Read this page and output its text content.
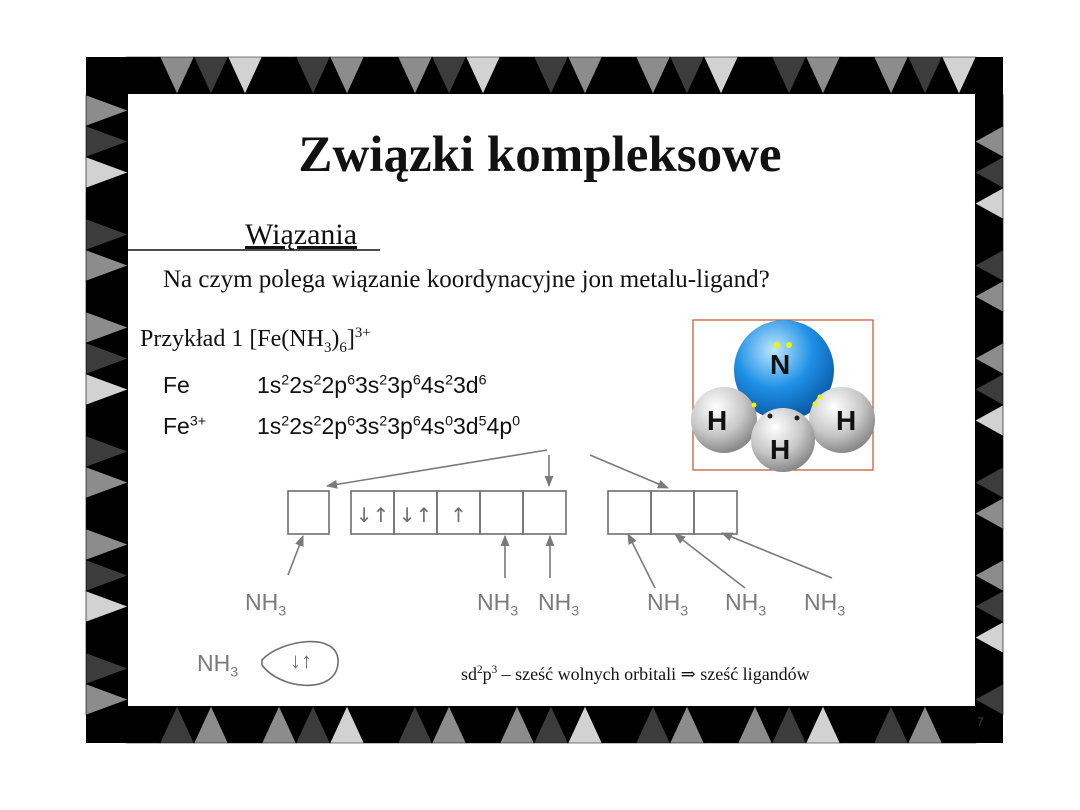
Związki kompleksowe
Wiązania
Na czym polega wiązanie koordynacyjne jon metalu-ligand?
Przykład 1 $[Fe(NH_3)_6]^{3+}$
Fe	$1s^22s^22p^63s^23p^64s^23d^6$
$Fe^{3+}$ $1s^22s^22p^63s^23p^64s^03d^54p^0$
↓↑ ↓↑ ↑
$NH_3$	$NH_3$ $NH_3$	$NH_3$ $NH_3$ $NH_3$
$NH_3$ ↓↑
N
H	H
H
$sd^2p^3$ – sześć wolnych orbitali ⇒ sześć ligandów
7
